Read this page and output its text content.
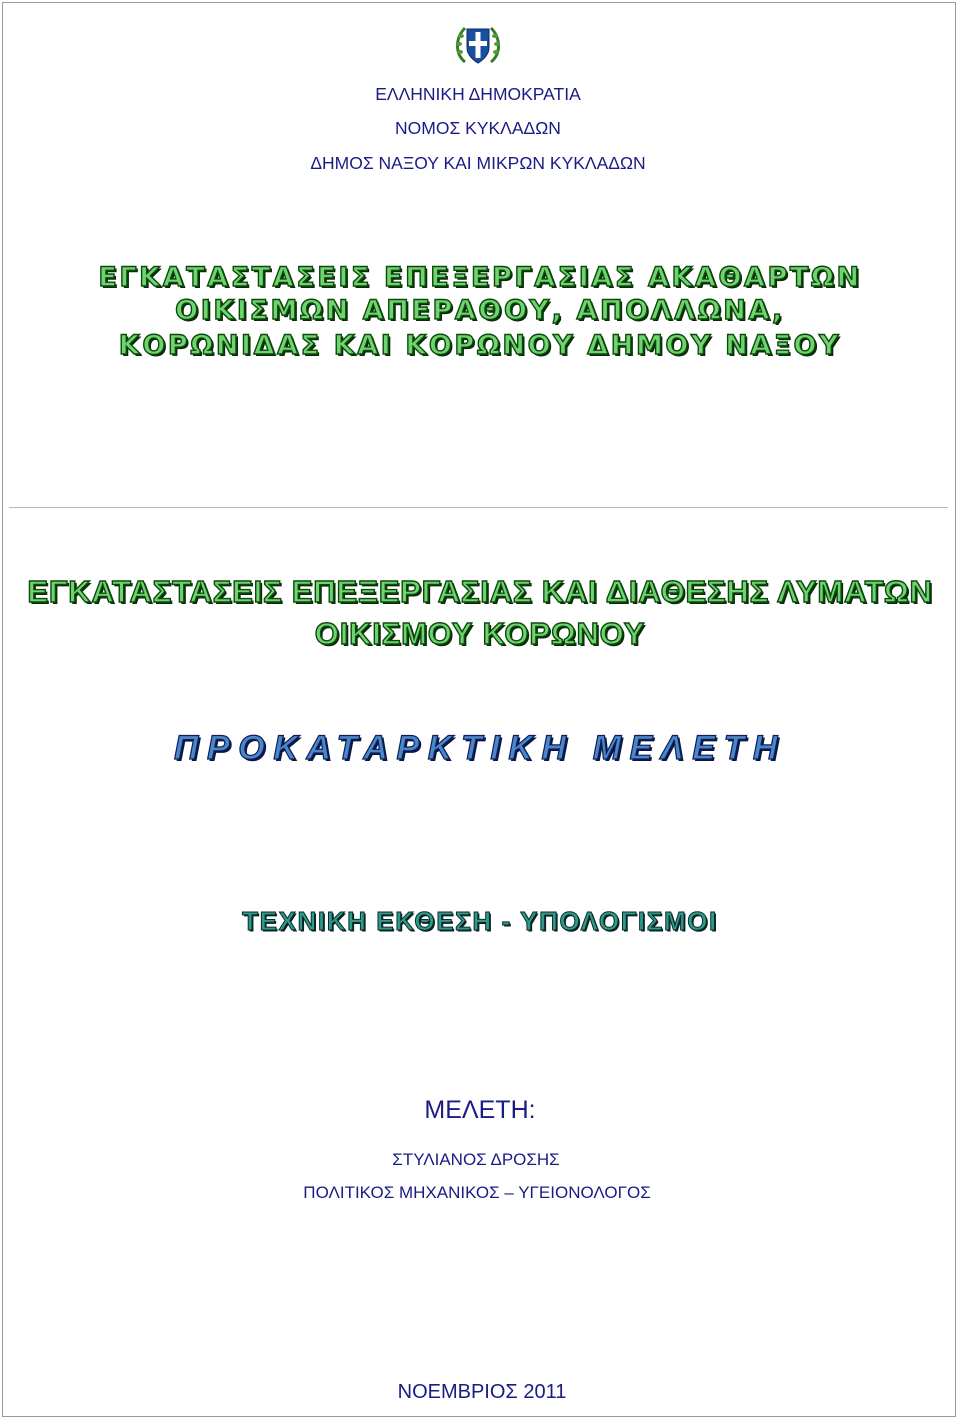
ΕΛΛΗΝΙΚΗ ΔΗΜΟΚΡΑΤΙΑ
ΝΟΜΟΣ ΚΥΚΛΑΔΩΝ
ΔΗΜΟΣ ΝΑΞΟΥ ΚΑΙ ΜΙΚΡΩΝ ΚΥΚΛΑΔΩΝ
ΕΓΚΑΤΑΣΤΑΣΕΙΣ ΕΠΕΞΕΡΓΑΣΙΑΣ ΑΚΑΘΑΡΤΩΝ
ΟΙΚΙΣΜΩΝ ΑΠΕΡΑΘΟΥ, ΑΠΟΛΛΩΝΑ,
ΚΟΡΩΝΙΔΑΣ ΚΑΙ ΚΟΡΩΝΟΥ ΔΗΜΟΥ ΝΑΞΟΥ
ΕΓΚΑΤΑΣΤΑΣΕΙΣ ΕΠΕΞΕΡΓΑΣΙΑΣ ΚΑΙ ΔΙΑΘΕΣΗΣ ΛΥΜΑΤΩΝ
ΟΙΚΙΣΜΟΥ ΚΟΡΩΝΟΥ
ΠΡΟΚΑΤΑΡΚΤΙΚΗ ΜΕΛΕΤΗ
ΤΕΧΝΙΚΗ ΕΚΘΕΣΗ - ΥΠΟΛΟΓΙΣΜΟΙ
ΜΕΛΕΤΗ:
ΣΤΥΛΙΑΝΟΣ ΔΡΟΣΗΣ
ΠΟΛΙΤΙΚΟΣ ΜΗΧΑΝΙΚΟΣ – ΥΓΕΙΟΝΟΛΟΓΟΣ
ΝΟΕΜΒΡΙΟΣ 2011
